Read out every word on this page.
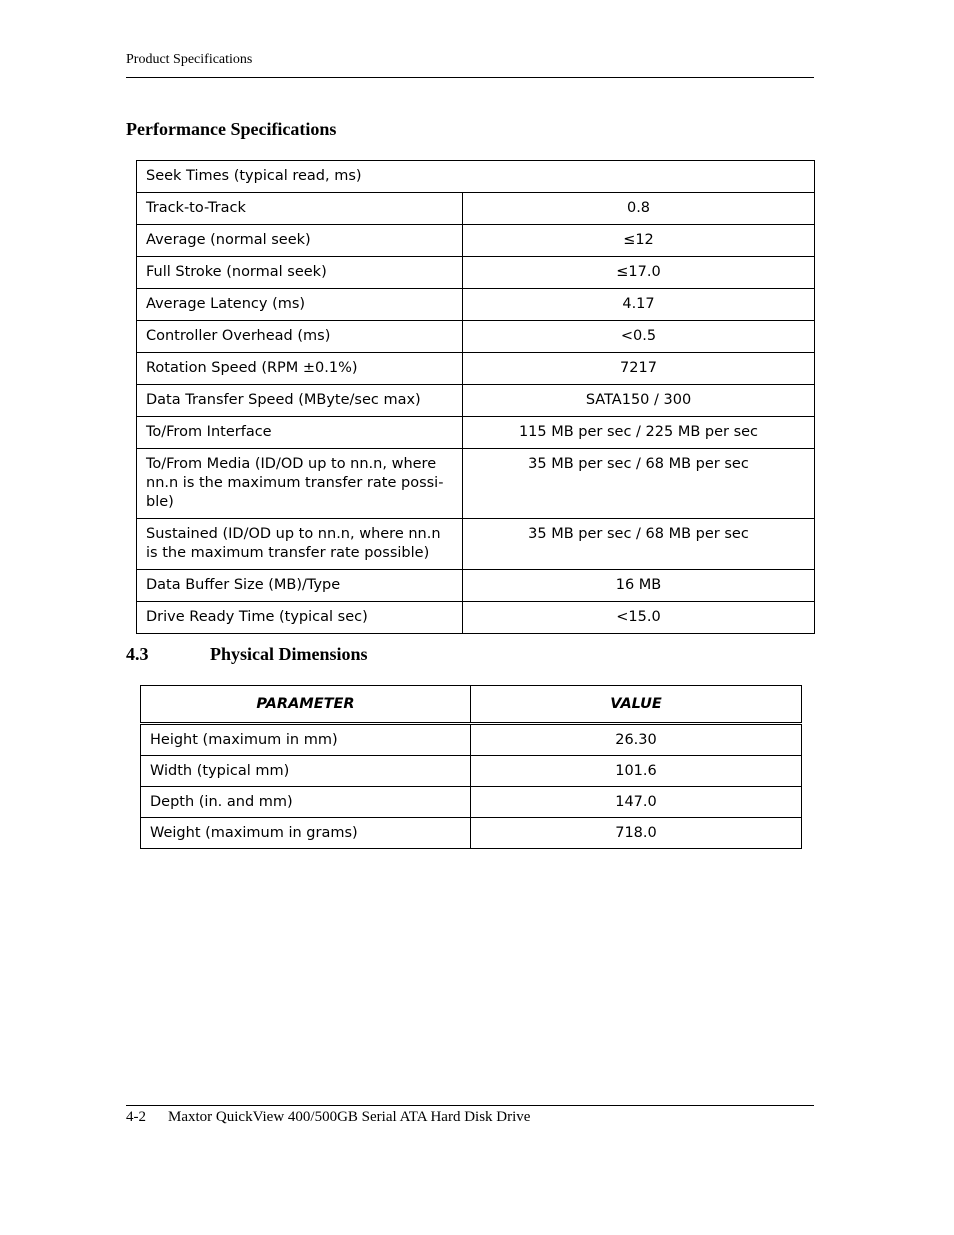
Product Specifications
Performance Specifications
Seek Times (typical read, ms)	
Track-to-Track	0.8
Average (normal seek)	≤12
Full Stroke (normal seek)	≤17.0
Average Latency (ms)	4.17
Controller Overhead (ms)	<0.5
Rotation Speed (RPM ±0.1%)	7217
Data Transfer Speed (MByte/sec max)	SATA150 / 300
To/From Interface	115 MB per sec / 225 MB per sec
To/From Media (ID/OD up to nn.n, where nn.n is the maximum transfer rate possi-ble)	35 MB per sec / 68 MB per sec
Sustained (ID/OD up to nn.n, where nn.n is the maximum transfer rate possible)	35 MB per sec / 68 MB per sec
Data Buffer Size (MB)/Type	16 MB
Drive Ready Time (typical sec)	<15.0
4.3	Physical Dimensions
PARAMETER	VALUE
Height (maximum in mm)	26.30
Width (typical mm)	101.6
Depth (in. and mm)	147.0
Weight (maximum in grams)	718.0
4-2 Maxtor QuickView 400/500GB Serial ATA Hard Disk Drive
